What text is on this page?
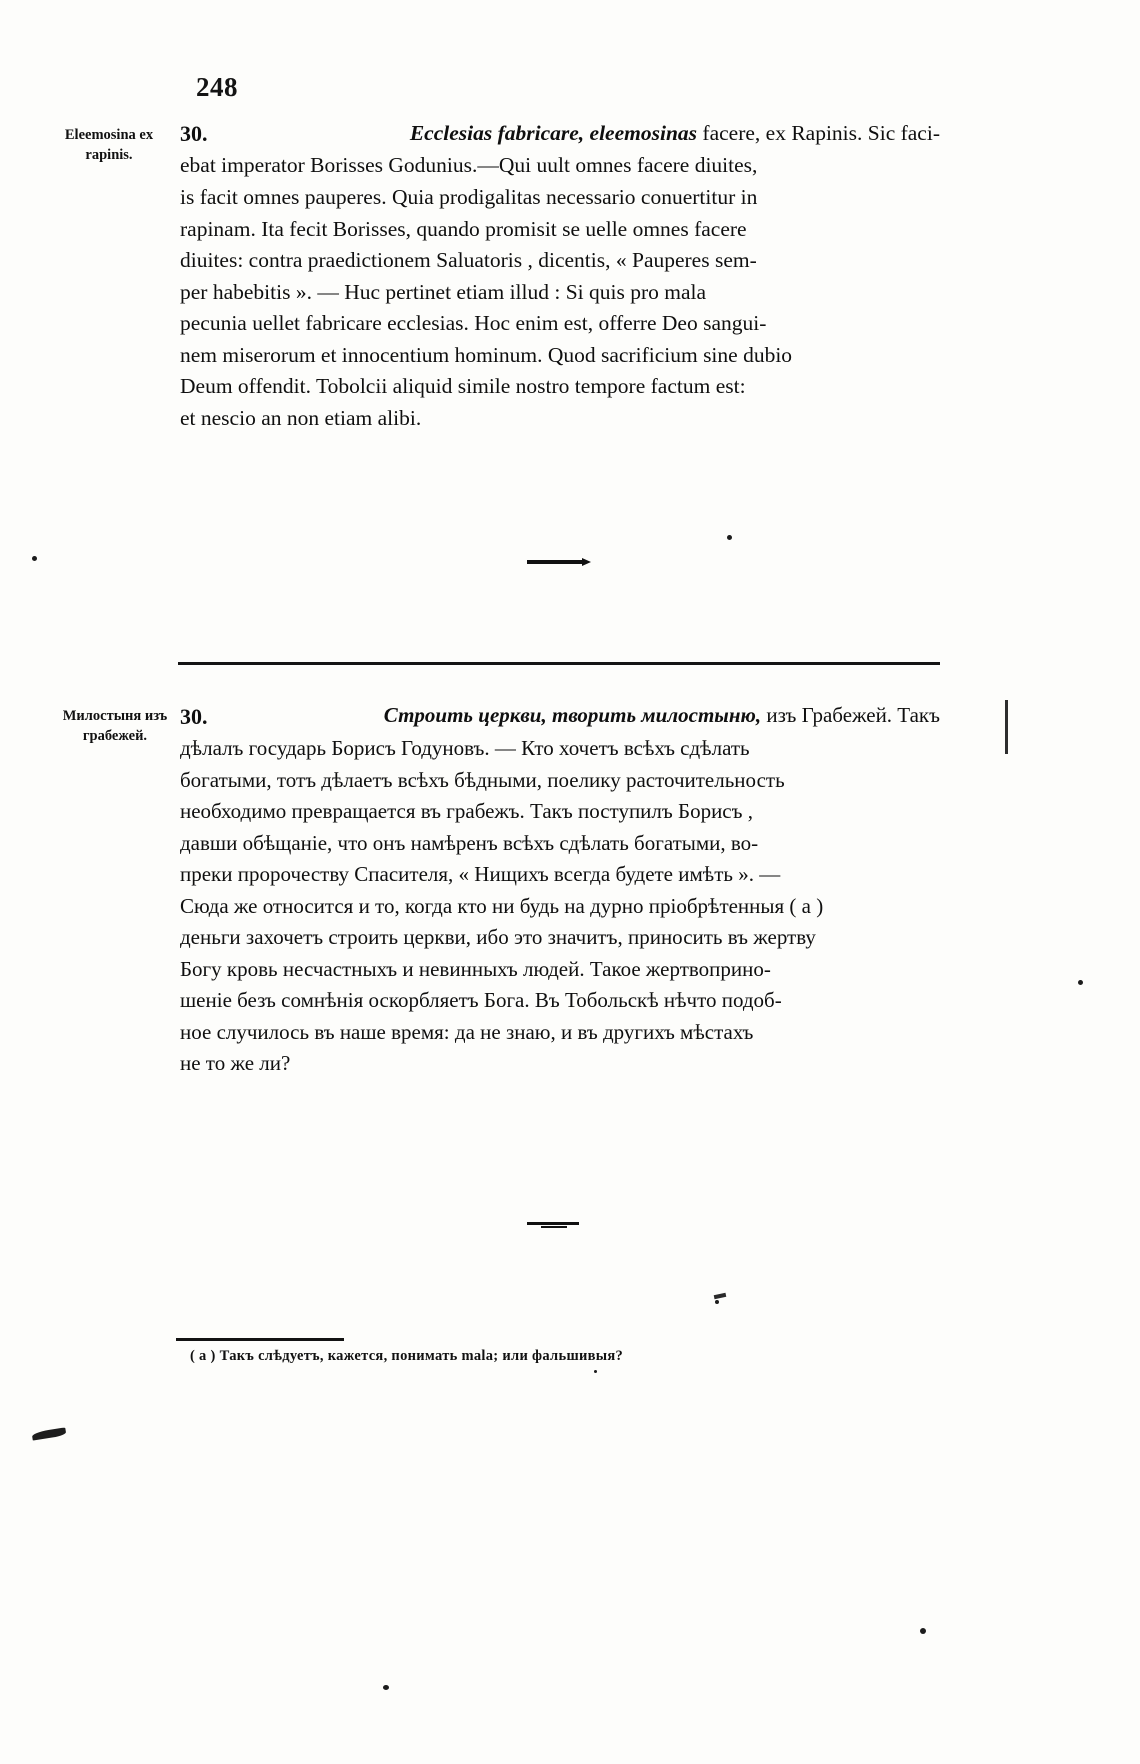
248
Eleemosina ex
rapinis.

30.	Ecclesias fabricare, eleemosinas facere, ex Rapinis. Sic faci-
ebat imperator Borisses Godunius.—Qui uult omnes facere diuites,
is facit omnes pauperes. Quia prodigalitas necessario conuertitur in
rapinam. Ita fecit Borisses, quando promisit se uelle omnes facere
diuites: contra praedictionem Saluatoris , dicentis, « Pauperes sem-
per habebitis ». — Huc pertinet etiam illud : Si quis pro mala
pecunia uellet fabricare ecclesias. Hoc enim est, offerre Deo sangui-
nem miserorum et innocentium hominum. Quod sacrificium sine dubio
Deum offendit. Tobolcii aliquid simile nostro tempore factum est:
et nescio an non etiam alibi.

Милостыня изъ
грабежей.

30.	Строить церкви, творить милостыню, изъ Грабежей. Такъ
дѣлалъ государь Борисъ Годуновъ. — Кто хочетъ всѣхъ сдѣлать
богатыми, тотъ дѣлаетъ всѣхъ бѣдными, поелику расточительность
необходимо превращается въ грабежъ. Такъ поступилъ Борисъ ,
давши обѣщаніе, что онъ намѣренъ всѣхъ сдѣлать богатыми, во-
преки пророчеству Спасителя, « Нищихъ всегда будете имѣть ». —
Сюда же относится и то, когда кто ни будь на дурно пріобрѣтенныя ( a )
деньги захочетъ строить церкви, ибо это значитъ, приносить въ жертву
Богу кровь несчастныхъ и невинныхъ людей. Такое жертвоприно-
шеніе безъ сомнѣнія оскорбляетъ Бога. Въ Тобольскѣ нѣчто подоб-
ное случилось въ наше время: да не знаю, и въ другихъ мѣстахъ
не то же ли?

( a ) Такъ слѣдуетъ, кажется, понимать mala; или фальшивыя?
